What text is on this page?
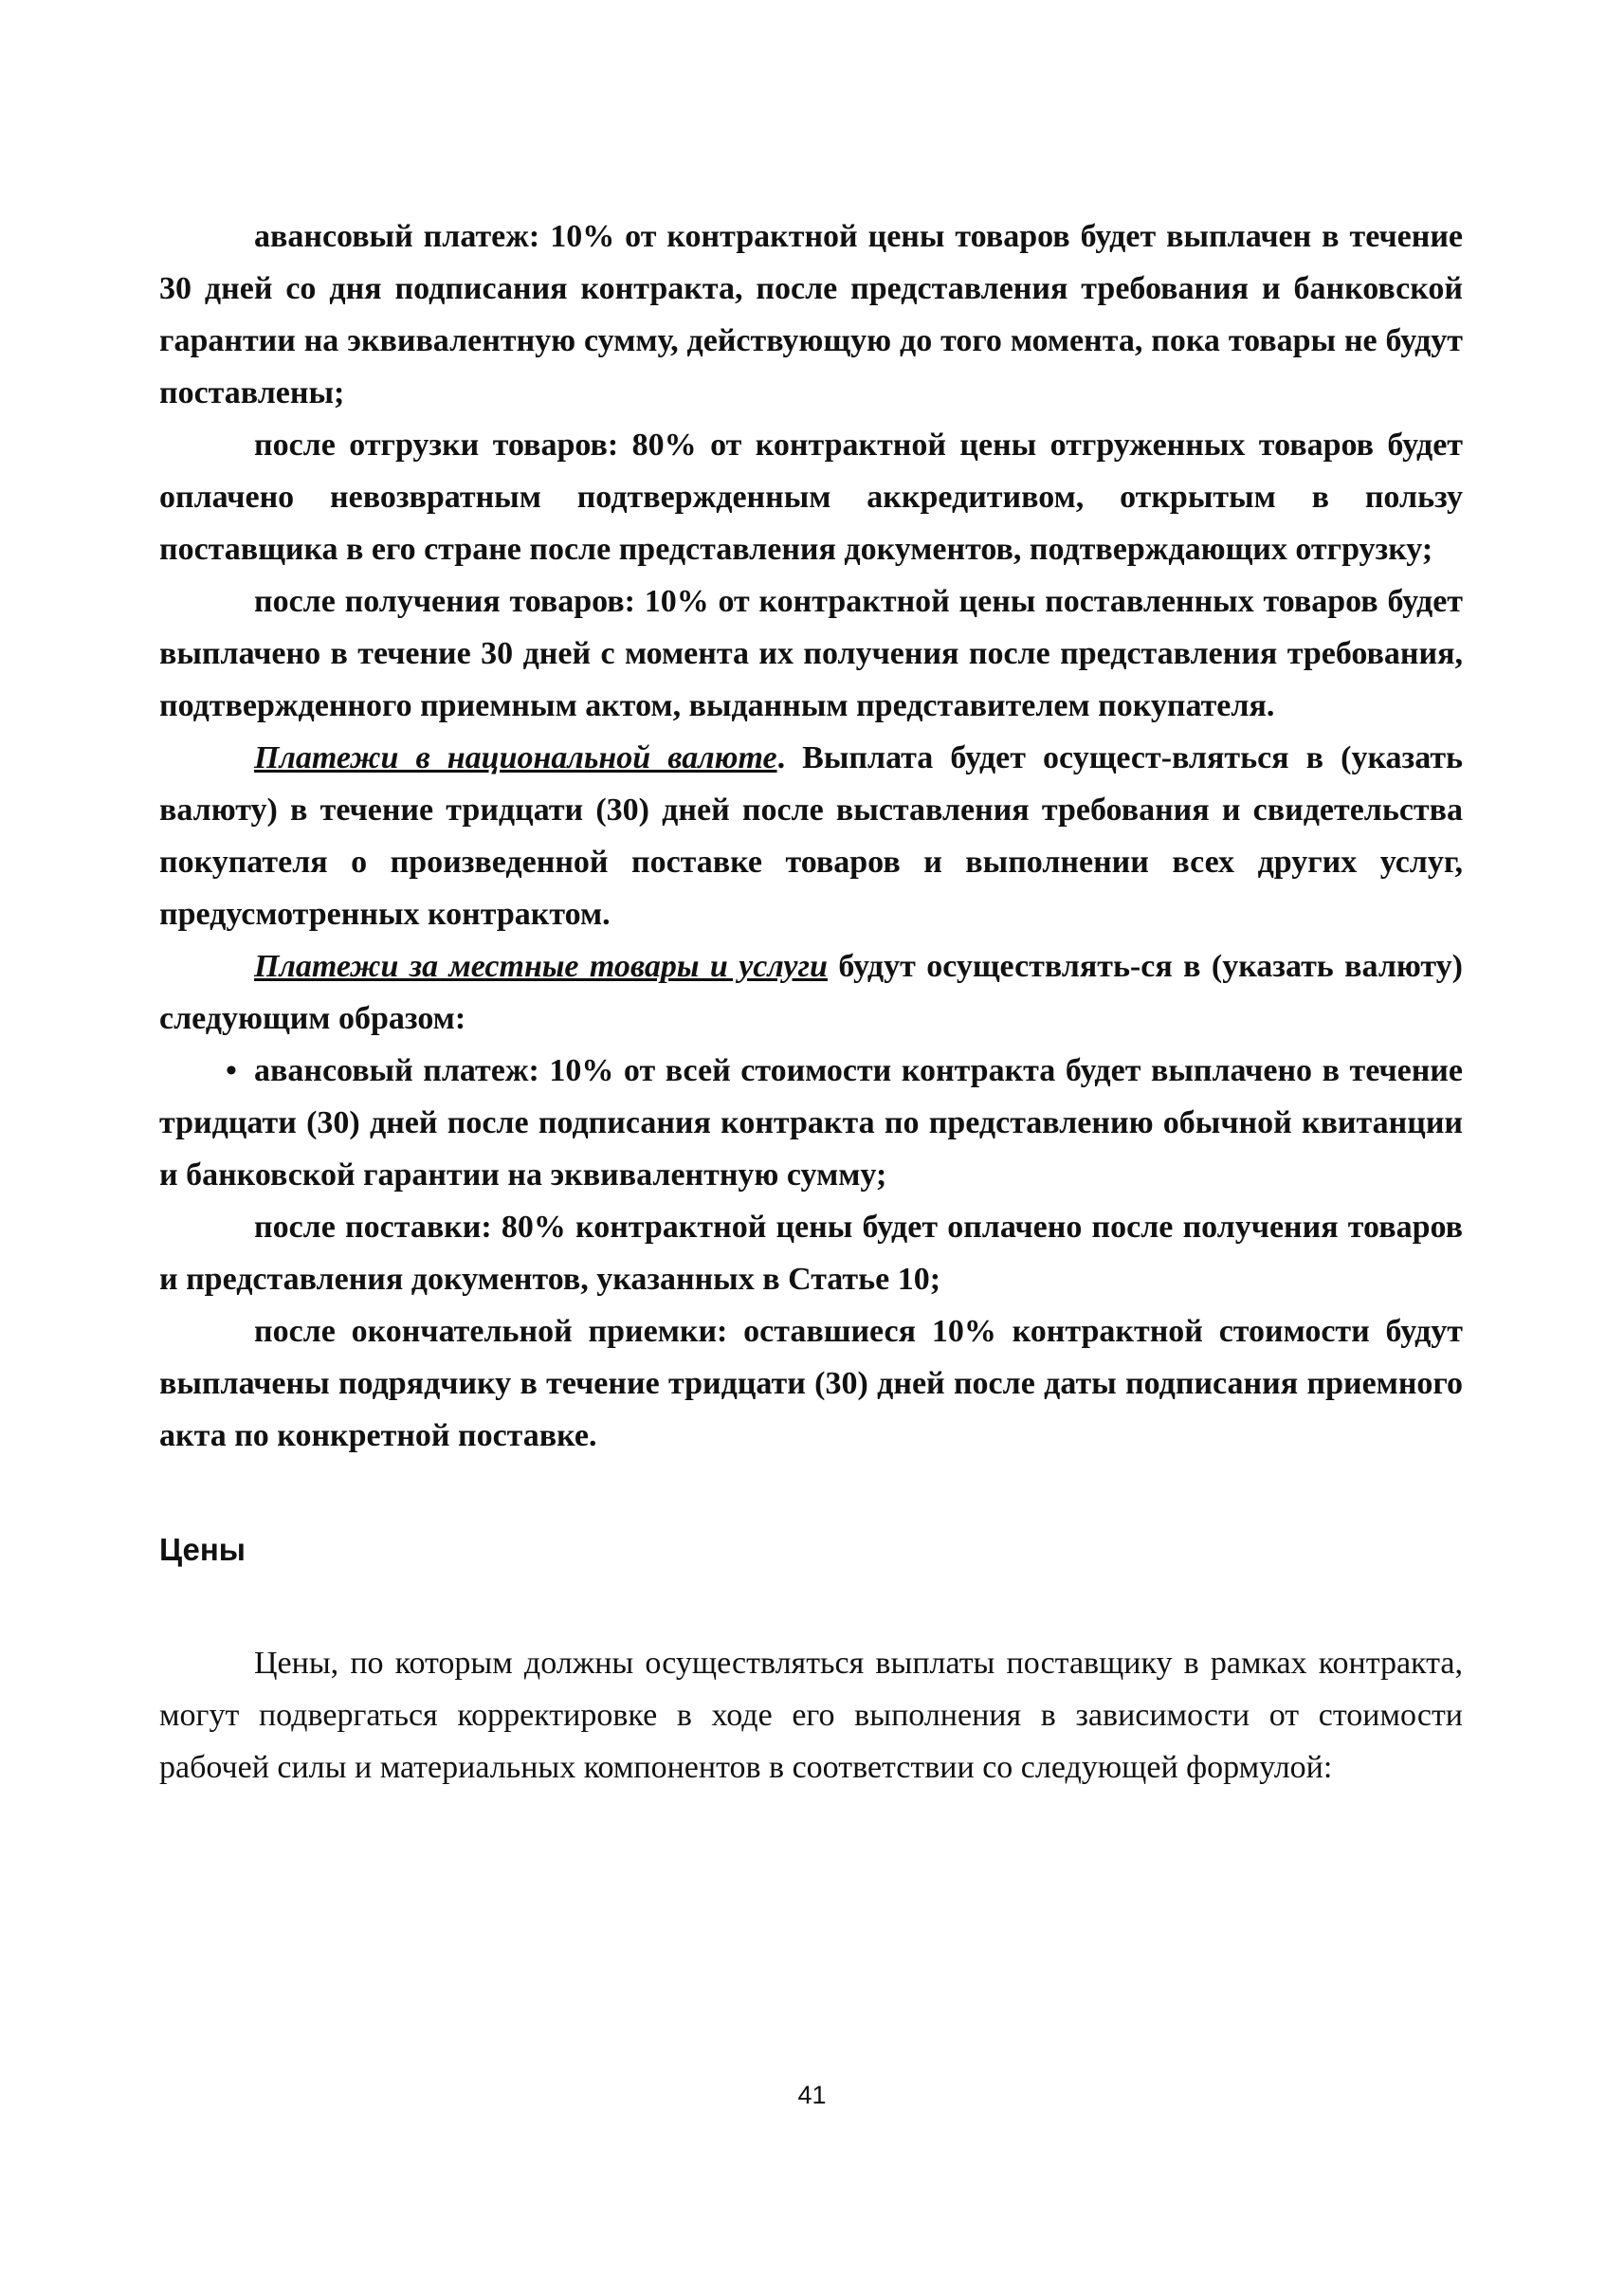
авансовый платеж: 10% от контрактной цены товаров будет выплачен в течение 30 дней со дня подписания контракта, после представления требования и банковской гарантии на эквивалентную сумму, действующую до того момента, пока товары не будут поставлены;

после отгрузки товаров: 80% от контрактной цены отгруженных товаров будет оплачено невозвратным подтвержденным аккредитивом, открытым в пользу поставщика в его стране после представления документов, подтверждающих отгрузку;

после получения товаров: 10% от контрактной цены поставленных товаров будет выплачено в течение 30 дней с момента их получения после представления требования, подтвержденного приемным актом, выданным представителем покупателя.

Платежи в национальной валюте. Выплата будет осущест-вляться в (указать валюту) в течение тридцати (30) дней после выставления требования и свидетельства покупателя о произведенной поставке товаров и выполнении всех других услуг, предусмотренных контрактом.

Платежи за местные товары и услуги будут осуществлять-ся в (указать валюту) следующим образом:

• авансовый платеж: 10% от всей стоимости контракта будет выплачено в течение тридцати (30) дней после подписания контракта по представлению обычной квитанции и банковской гарантии на эквивалентную сумму;

после поставки: 80% контрактной цены будет оплачено после получения товаров и представления документов, указанных в Статье 10;

после окончательной приемки: оставшиеся 10% контрактной стоимости будут выплачены подрядчику в течение тридцати (30) дней после даты подписания приемного акта по конкретной поставке.

Цены

Цены, по которым должны осуществляться выплаты поставщику в рамках контракта, могут подвергаться корректировке в ходе его выполнения в зависимости от стоимости рабочей силы и материальных компонентов в соответствии со следующей формулой:

41
